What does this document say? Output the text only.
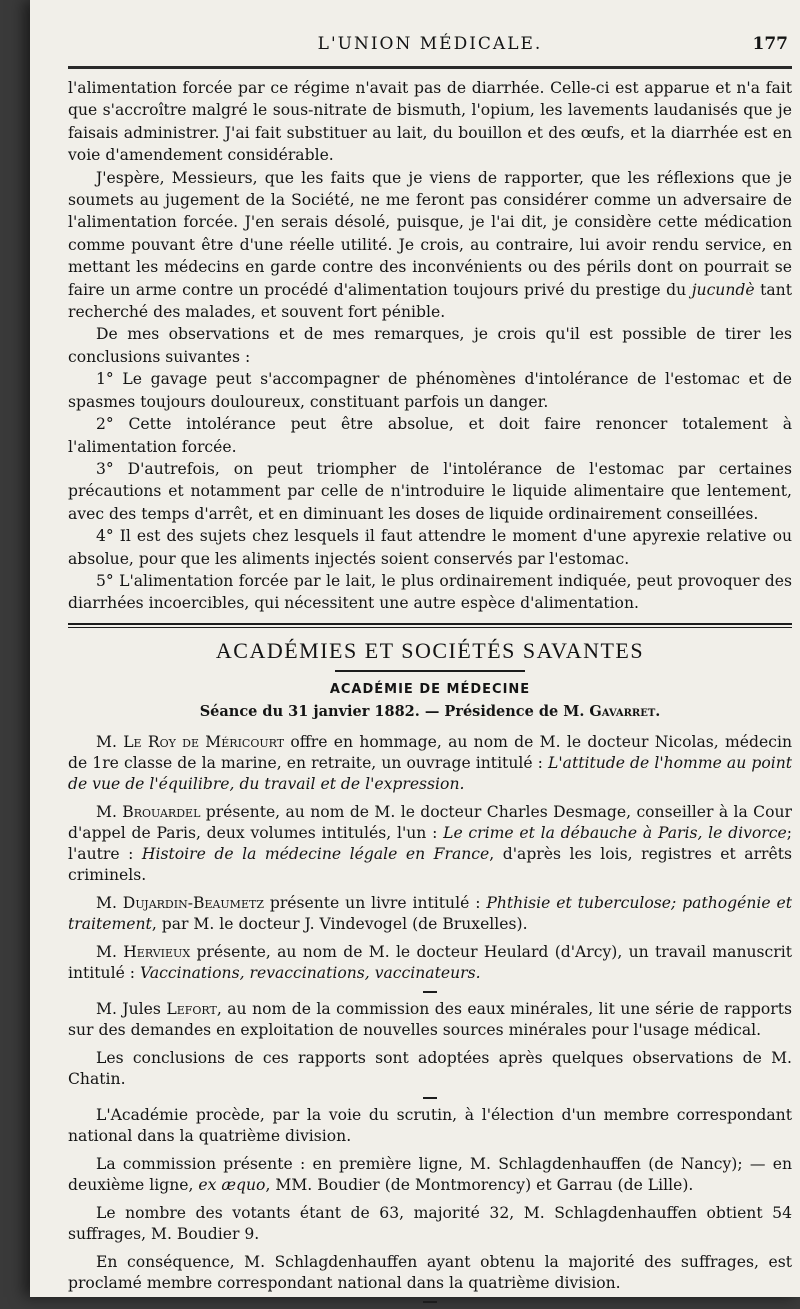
L'UNION MÉDICALE.	177

l'alimentation forcée par ce régime n'avait pas de diarrhée. Celle-ci est apparue et n'a fait que s'accroître malgré le sous-nitrate de bismuth, l'opium, les lavements laudanisés que je faisais administrer. J'ai fait substituer au lait, du bouillon et des œufs, et la diarrhée est en voie d'amendement considérable.

J'espère, Messieurs, que les faits que je viens de rapporter, que les réflexions que je soumets au jugement de la Société, ne me feront pas considérer comme un adversaire de l'alimentation forcée. J'en serais désolé, puisque, je l'ai dit, je considère cette médication comme pouvant être d'une réelle utilité. Je crois, au contraire, lui avoir rendu service, en mettant les médecins en garde contre des inconvénients ou des périls dont on pourrait se faire un arme contre un procédé d'alimentation toujours privé du prestige du jucundè tant recherché des malades, et souvent fort pénible.

De mes observations et de mes remarques, je crois qu'il est possible de tirer les conclusions suivantes :

1° Le gavage peut s'accompagner de phénomènes d'intolérance de l'estomac et de spasmes toujours douloureux, constituant parfois un danger.

2° Cette intolérance peut être absolue, et doit faire renoncer totalement à l'alimentation forcée.

3° D'autrefois, on peut triompher de l'intolérance de l'estomac par certaines précautions et notamment par celle de n'introduire le liquide alimentaire que lentement, avec des temps d'arrêt, et en diminuant les doses de liquide ordinairement conseillées.

4° Il est des sujets chez lesquels il faut attendre le moment d'une apyrexie relative ou absolue, pour que les aliments injectés soient conservés par l'estomac.

5° L'alimentation forcée par le lait, le plus ordinairement indiquée, peut provoquer des diarrhées incoercibles, qui nécessitent une autre espèce d'alimentation.

ACADÉMIES ET SOCIÉTÉS SAVANTES
ACADÉMIE DE MÉDECINE
Séance du 31 janvier 1882. — Présidence de M. Gavarret.

M. Le Roy de Méricourt offre en hommage, au nom de M. le docteur Nicolas, médecin de 1re classe de la marine, en retraite, un ouvrage intitulé : L'attitude de l'homme au point de vue de l'équilibre, du travail et de l'expression.

M. Brouardel présente, au nom de M. le docteur Charles Desmage, conseiller à la Cour d'appel de Paris, deux volumes intitulés, l'un : Le crime et la débauche à Paris, le divorce; l'autre : Histoire de la médecine légale en France, d'après les lois, registres et arrêts criminels.

M. Dujardin-Beaumetz présente un livre intitulé : Phthisie et tuberculose; pathogénie et traitement, par M. le docteur J. Vindevogel (de Bruxelles).

M. Hervieux présente, au nom de M. le docteur Heulard (d'Arcy), un travail manuscrit intitulé : Vaccinations, revaccinations, vaccinateurs.

M. Jules Lefort, au nom de la commission des eaux minérales, lit une série de rapports sur des demandes en exploitation de nouvelles sources minérales pour l'usage médical.

Les conclusions de ces rapports sont adoptées après quelques observations de M. Chatin.

L'Académie procède, par la voie du scrutin, à l'élection d'un membre correspondant national dans la quatrième division.

La commission présente : en première ligne, M. Schlagdenhauffen (de Nancy); — en deuxième ligne, ex æquo, MM. Boudier (de Montmorency) et Garrau (de Lille).

Le nombre des votants étant de 63, majorité 32, M. Schlagdenhauffen obtient 54 suffrages, M. Boudier 9.

En conséquence, M. Schlagdenhauffen ayant obtenu la majorité des suffrages, est proclamé membre correspondant national dans la quatrième division.
